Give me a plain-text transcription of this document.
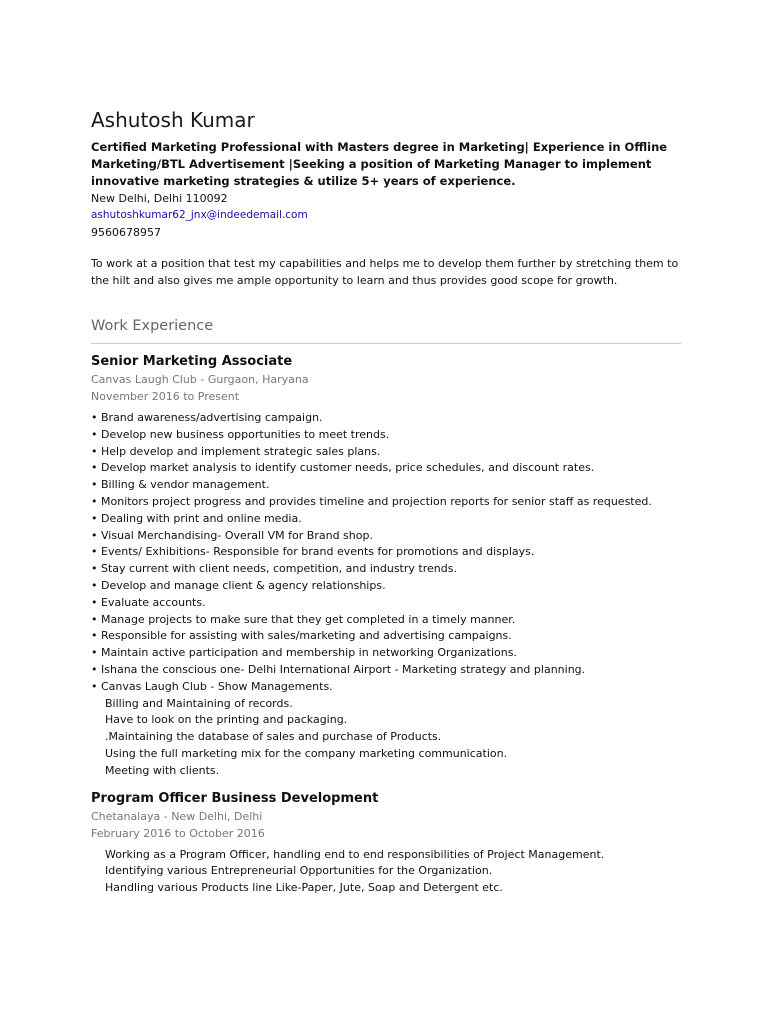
Ashutosh Kumar

Certified Marketing Professional with Masters degree in Marketing| Experience in Offline Marketing/BTL Advertisement |Seeking a position of Marketing Manager to implement innovative marketing strategies & utilize 5+ years of experience.

New Delhi, Delhi 110092

ashutoshkumar62_jnx@indeedemail.com

9560678957

To work at a position that test my capabilities and helps me to develop them further by stretching them to the hilt and also gives me ample opportunity to learn and thus provides good scope for growth.

Work Experience

Senior Marketing Associate

Canvas Laugh Club - Gurgaon, Haryana

November 2016 to Present

• Brand awareness/advertising campaign.
• Develop new business opportunities to meet trends.
• Help develop and implement strategic sales plans.
• Develop market analysis to identify customer needs, price schedules, and discount rates.
• Billing & vendor management.
• Monitors project progress and provides timeline and projection reports for senior staff as requested.
• Dealing with print and online media.
• Visual Merchandising- Overall VM for Brand shop.
• Events/ Exhibitions- Responsible for brand events for promotions and displays.
• Stay current with client needs, competition, and industry trends.
• Develop and manage client & agency relationships.
• Evaluate accounts.
• Manage projects to make sure that they get completed in a timely manner.
• Responsible for assisting with sales/marketing and advertising campaigns.
• Maintain active participation and membership in networking Organizations.
• Ishana the conscious one- Delhi International Airport - Marketing strategy and planning.
• Canvas Laugh Club - Show Managements.
Billing and Maintaining of records.
Have to look on the printing and packaging.
.Maintaining the database of sales and purchase of Products.
Using the full marketing mix for the company marketing communication.
Meeting with clients.

Program Officer Business Development

Chetanalaya - New Delhi, Delhi

February 2016 to October 2016

Working as a Program Officer, handling end to end responsibilities of Project Management.
Identifying various Entrepreneurial Opportunities for the Organization.
Handling various Products line Like-Paper, Jute, Soap and Detergent etc.
